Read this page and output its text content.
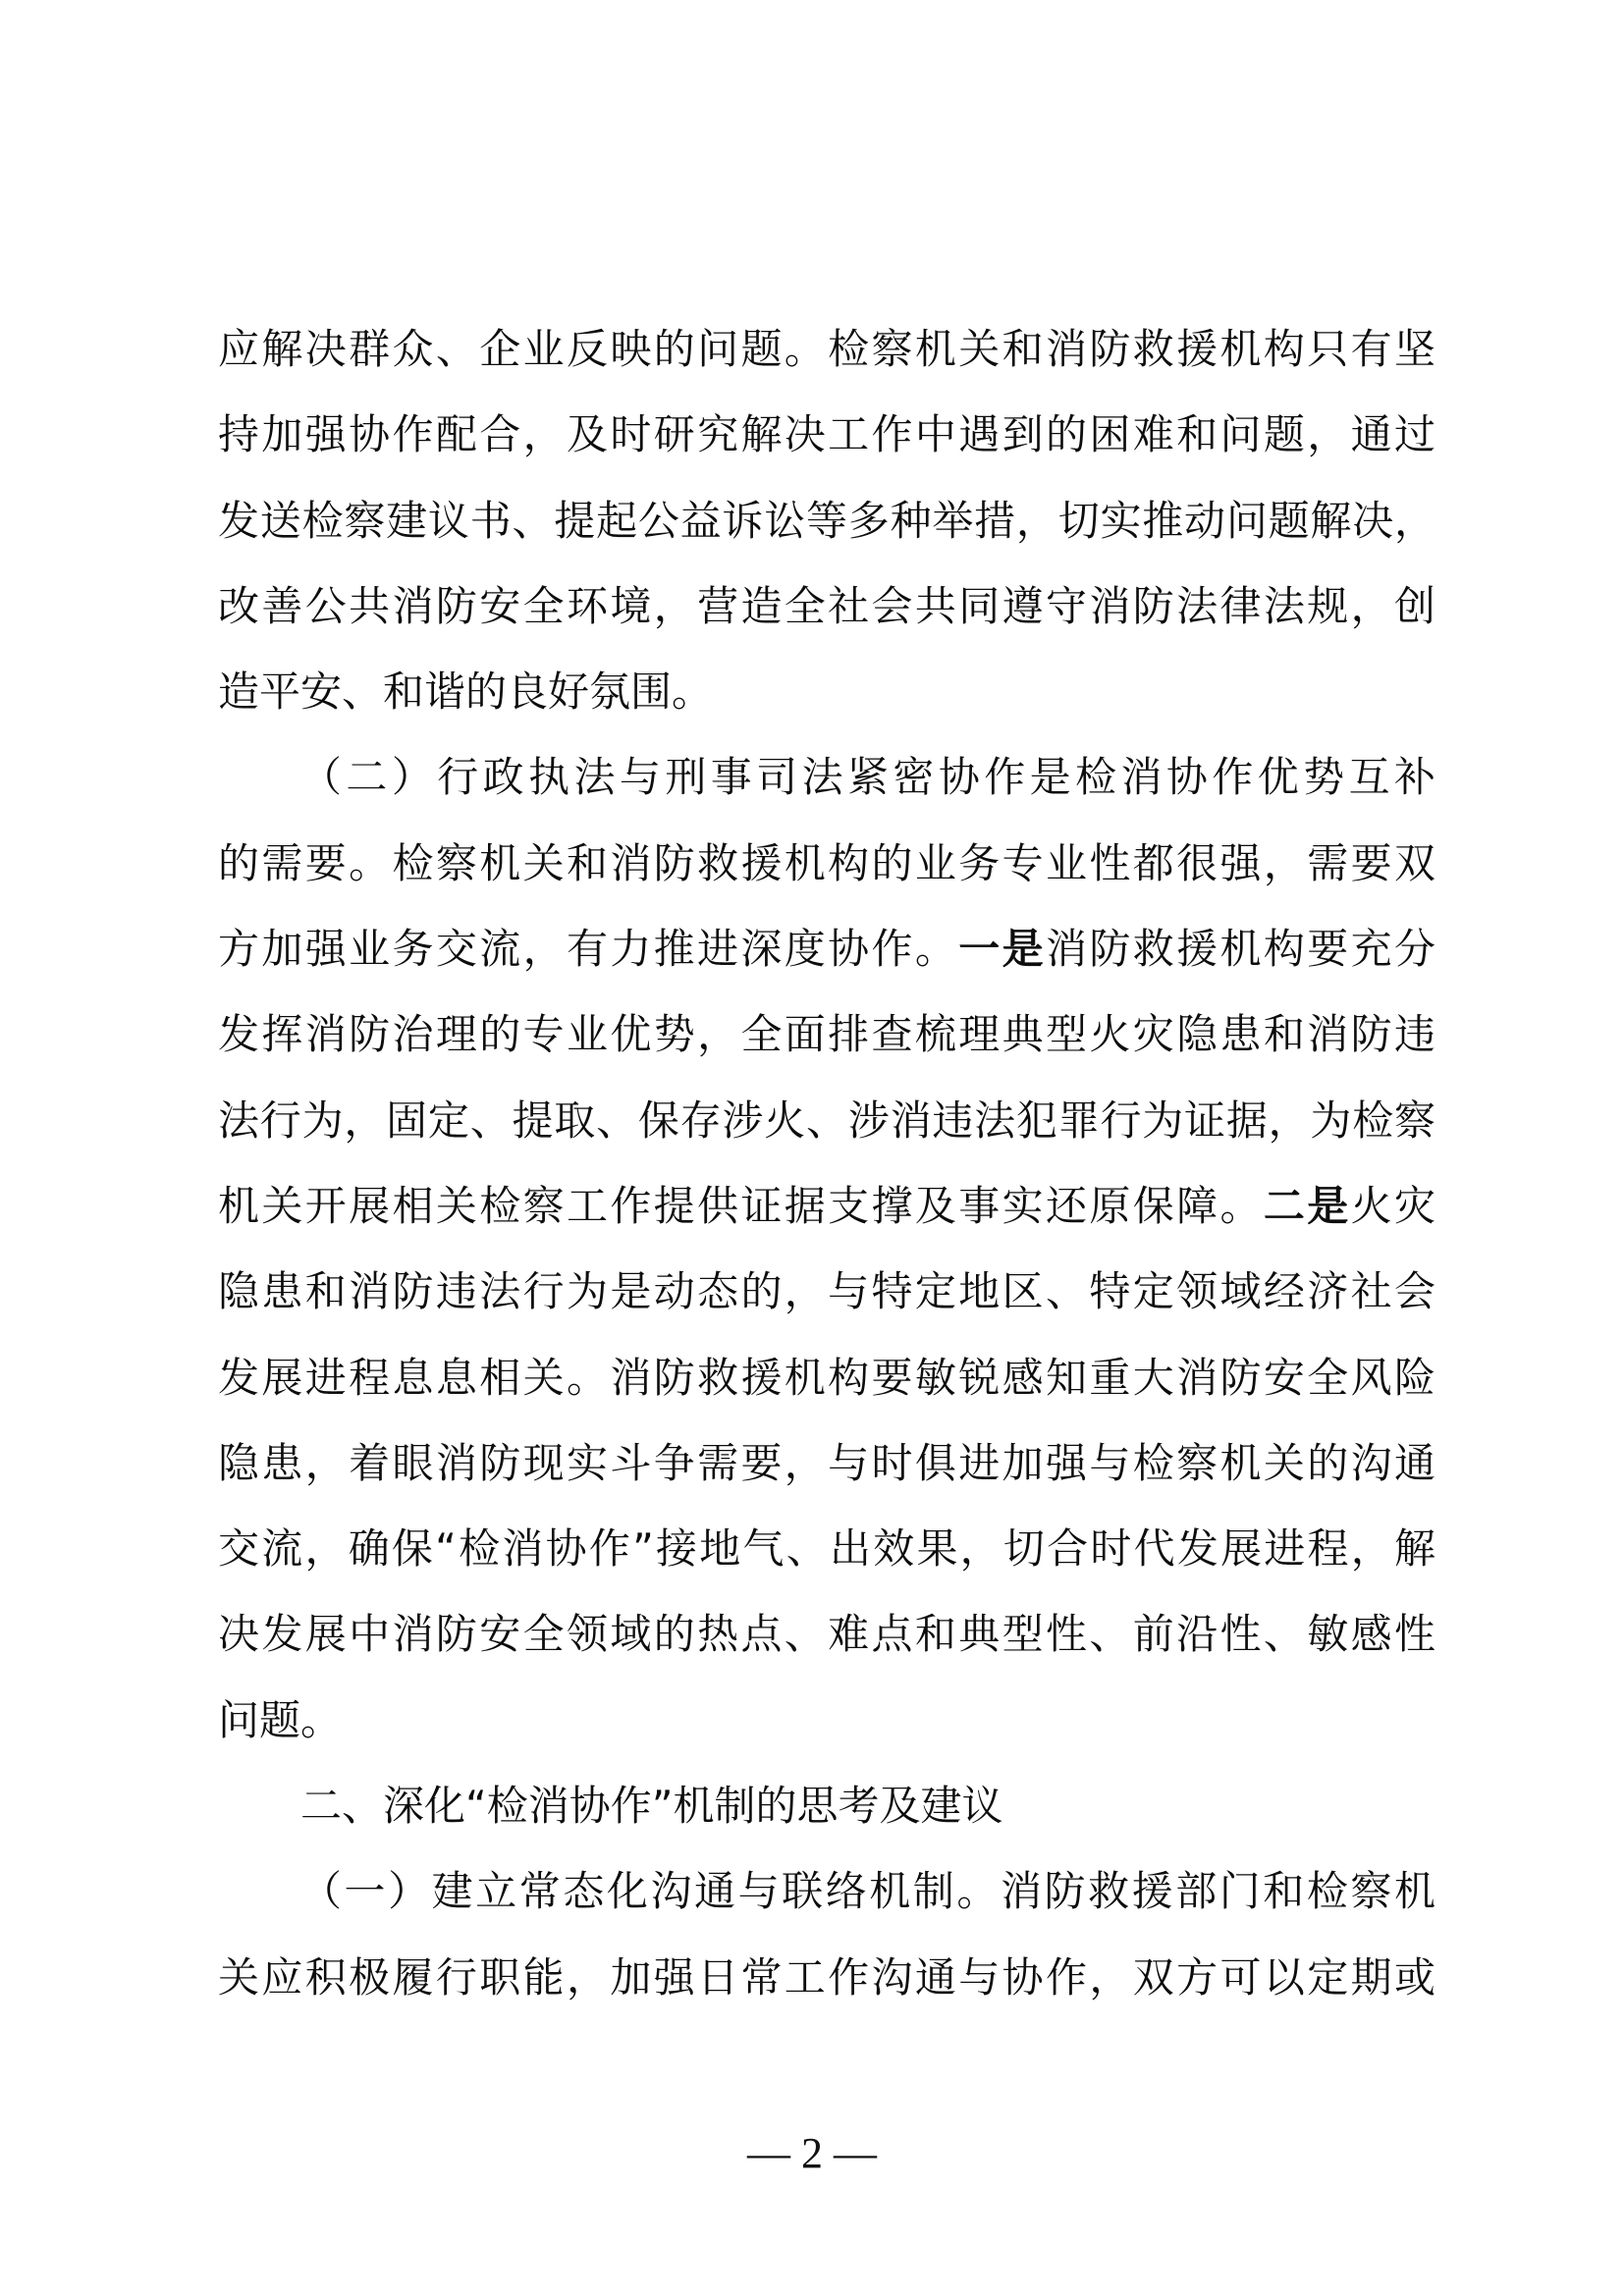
应解决群众、企业反映的问题。检察机关和消防救援机构只有坚
持加强协作配合，及时研究解决工作中遇到的困难和问题，通过
发送检察建议书、提起公益诉讼等多种举措，切实推动问题解决，
改善公共消防安全环境，营造全社会共同遵守消防法律法规，创
造平安、和谐的良好氛围。
（二）行政执法与刑事司法紧密协作是检消协作优势互补
的需要。检察机关和消防救援机构的业务专业性都很强，需要双
方加强业务交流，有力推进深度协作。一是消防救援机构要充分
发挥消防治理的专业优势，全面排查梳理典型火灾隐患和消防违
法行为，固定、提取、保存涉火、涉消违法犯罪行为证据，为检察
机关开展相关检察工作提供证据支撑及事实还原保障。二是火灾
隐患和消防违法行为是动态的，与特定地区、特定领域经济社会
发展进程息息相关。消防救援机构要敏锐感知重大消防安全风险
隐患，着眼消防现实斗争需要，与时俱进加强与检察机关的沟通
交流，确保“检消协作”接地气、出效果，切合时代发展进程，解
决发展中消防安全领域的热点、难点和典型性、前沿性、敏感性
问题。
二、深化“检消协作”机制的思考及建议
（一）建立常态化沟通与联络机制。消防救援部门和检察机
关应积极履行职能，加强日常工作沟通与协作，双方可以定期或
— 2 —
